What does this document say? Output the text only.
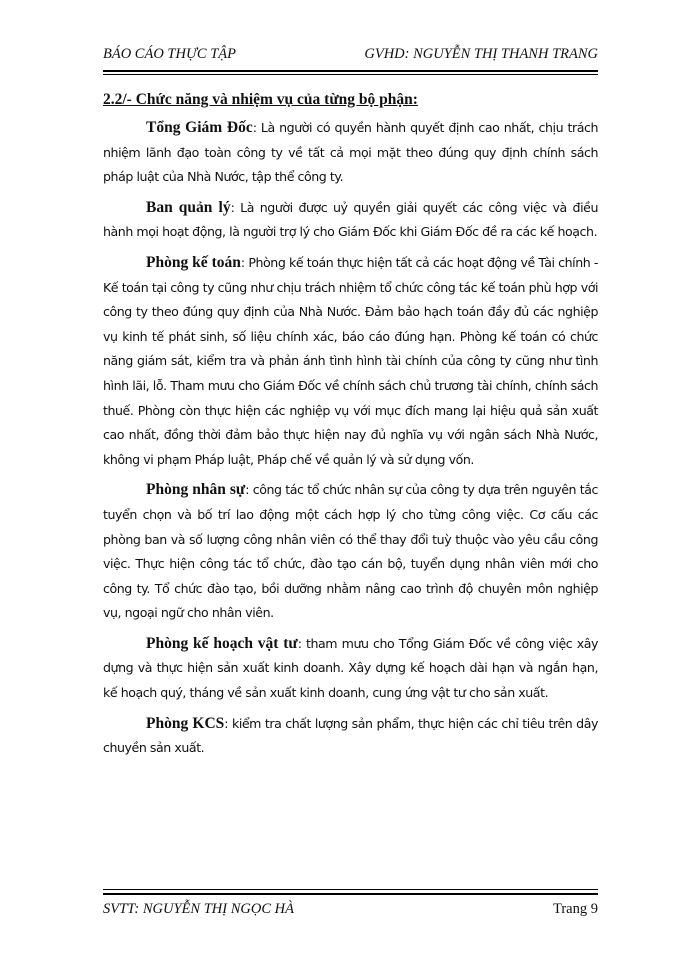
BÁO CÁO THỰC TẬP	GVHD: NGUYỄN THỊ THANH TRANG
2.2/- Chức năng và nhiệm vụ của từng bộ phận:

Tổng Giám Đốc: Là người có quyền hành quyết định cao nhất, chịu trách nhiệm lãnh đạo toàn công ty về tất cả mọi mặt theo đúng quy định chính sách pháp luật của Nhà Nước, tập thể công ty.

Ban quản lý: Là người được uỷ quyền giải quyết các công việc và điều hành mọi hoạt động, là người trợ lý cho Giám Đốc khi Giám Đốc đề ra các kế hoạch.

Phòng kế toán: Phòng kế toán thực hiện tất cả các hoạt động về Tài chính - Kế toán tại công ty cũng như chịu trách nhiệm tổ chức công tác kế toán phù hợp với công ty theo đúng quy định của Nhà Nước. Đảm bảo hạch toán đầy đủ các nghiệp vụ kinh tế phát sinh, số liệu chính xác, báo cáo đúng hạn. Phòng kế toán có chức năng giám sát, kiểm tra và phản ánh tình hình tài chính của công ty cũng như tình hình lãi, lỗ. Tham mưu cho Giám Đốc về chính sách chủ trương tài chính, chính sách thuế. Phòng còn thực hiện các nghiệp vụ với mục đích mang lại hiệu quả sản xuất cao nhất, đồng thời đảm bảo thực hiện nay đủ nghĩa vụ với ngân sách Nhà Nước, không vi phạm Pháp luật, Pháp chế về quản lý và sử dụng vốn.

Phòng nhân sự: công tác tổ chức nhân sự của công ty dựa trên nguyên tắc tuyển chọn và bố trí lao động một cách hợp lý cho từng công việc. Cơ cấu các phòng ban và số lượng công nhân viên có thể thay đổi tuỳ thuộc vào yêu cầu công việc. Thực hiện công tác tổ chức, đào tạo cán bộ, tuyển dụng nhân viên mới cho công ty. Tổ chức đào tạo, bồi dưỡng nhằm nâng cao trình độ chuyên môn nghiệp vụ, ngoại ngữ cho nhân viên.

Phòng kế hoạch vật tư: tham mưu cho Tổng Giám Đốc về công việc xây dựng và thực hiện sản xuất kinh doanh. Xây dựng kế hoạch dài hạn và ngắn hạn, kế hoạch quý, tháng về sản xuất kinh doanh, cung ứng vật tư cho sản xuất.

Phòng KCS: kiểm tra chất lượng sản phẩm, thực hiện các chỉ tiêu trên dây chuyền sản xuất.

SVTT: NGUYỄN THỊ NGỌC HÀ	Trang 9
